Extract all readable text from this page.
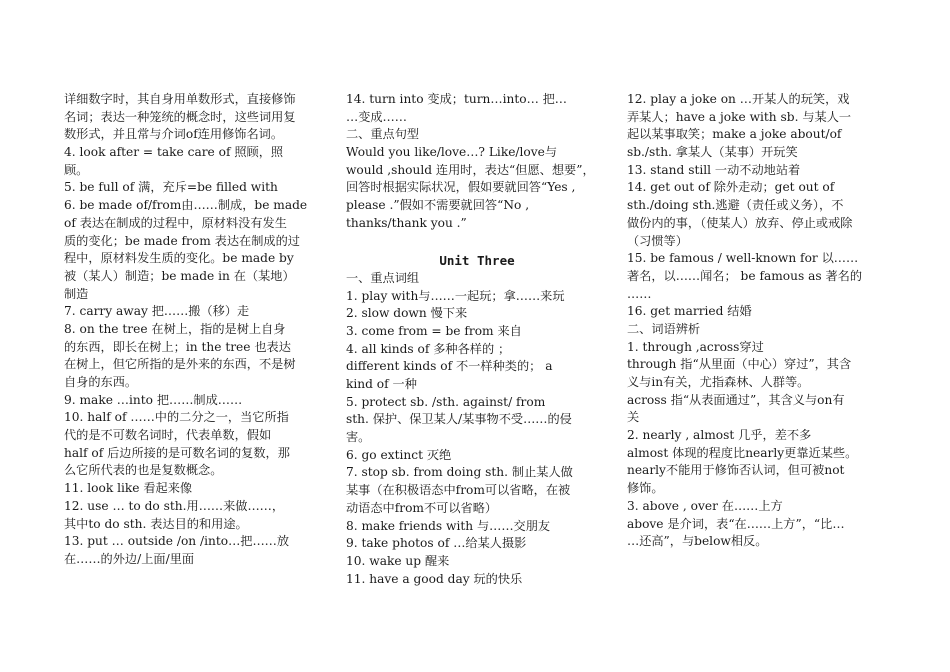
详细数字时，其自身用单数形式，直接修饰
名词；表达一种笼统的概念时，这些词用复
数形式，并且常与介词of连用修饰名词。
4. look after = take care of 照顾，照
顾。
5. be full of 满，充斥=be filled with
6. be made of/from由……制成，be made
of 表达在制成的过程中，原材料没有发生
质的变化；be made from 表达在制成的过
程中，原材料发生质的变化。be made by
被（某人）制造；be made in 在（某地）
制造
7. carry away 把……搬（移）走
8. on the tree 在树上，指的是树上自身
的东西，即长在树上；in the tree 也表达
在树上，但它所指的是外来的东西，不是树
自身的东西。
9. make …into 把……制成……
10. half of ……中的二分之一，当它所指
代的是不可数名词时，代表单数，假如
half of 后边所接的是可数名词的复数，那
么它所代表的也是复数概念。
11. look like 看起来像
12. use … to do sth.用……来做……，
其中to do sth. 表达目的和用途。
13. put … outside /on /into…把……放
在……的外边/上面/里面
14. turn into 变成；turn…into… 把…
…变成……
二、重点句型
Would you like/love…? Like/love与
would ,should 连用时，表达“但愿、想要”，
回答时根据实际状况，假如要就回答“Yes ,
please .”假如不需要就回答“No ,
thanks/thank you .”
Unit Three
一、重点词组
1. play with与……一起玩；拿……来玩
2. slow down 慢下来
3. come from = be from 来自
4. all kinds of 多种各样的 ；
different kinds of 不一样种类的； a
kind of 一种
5. protect sb. /sth. against/ from
sth. 保护、保卫某人/某事物不受……的侵
害。
6. go extinct 灭绝
7. stop sb. from doing sth. 制止某人做
某事（在积极语态中from可以省略，在被
动语态中from不可以省略）
8. make friends with 与……交朋友
9. take photos of …给某人摄影
10. wake up 醒来
11. have a good day 玩的快乐
12. play a joke on …开某人的玩笑，戏
弄某人；have a joke with sb. 与某人一
起以某事取笑；make a joke about/of
sb./sth. 拿某人（某事）开玩笑
13. stand still 一动不动地站着
14. get out of 除外走动；get out of
sth./doing sth.逃避（责任或义务），不
做份内的事，（使某人）放弃、停止或戒除
（习惯等）
15. be famous / well-known for 以……
著名，以……闻名； be famous as 著名的
……
16. get married 结婚
二、词语辨析
1. through ,across穿过
through 指“从里面（中心）穿过”，其含
义与in有关，尤指森林、人群等。
across 指“从表面通过”，其含义与on有
关
2. nearly , almost 几乎，差不多
almost 体现的程度比nearly更靠近某些。
nearly不能用于修饰否认词，但可被not
修饰。
3. above , over 在……上方
above 是介词，表“在……上方”，“比…
…还高”，与below相反。
